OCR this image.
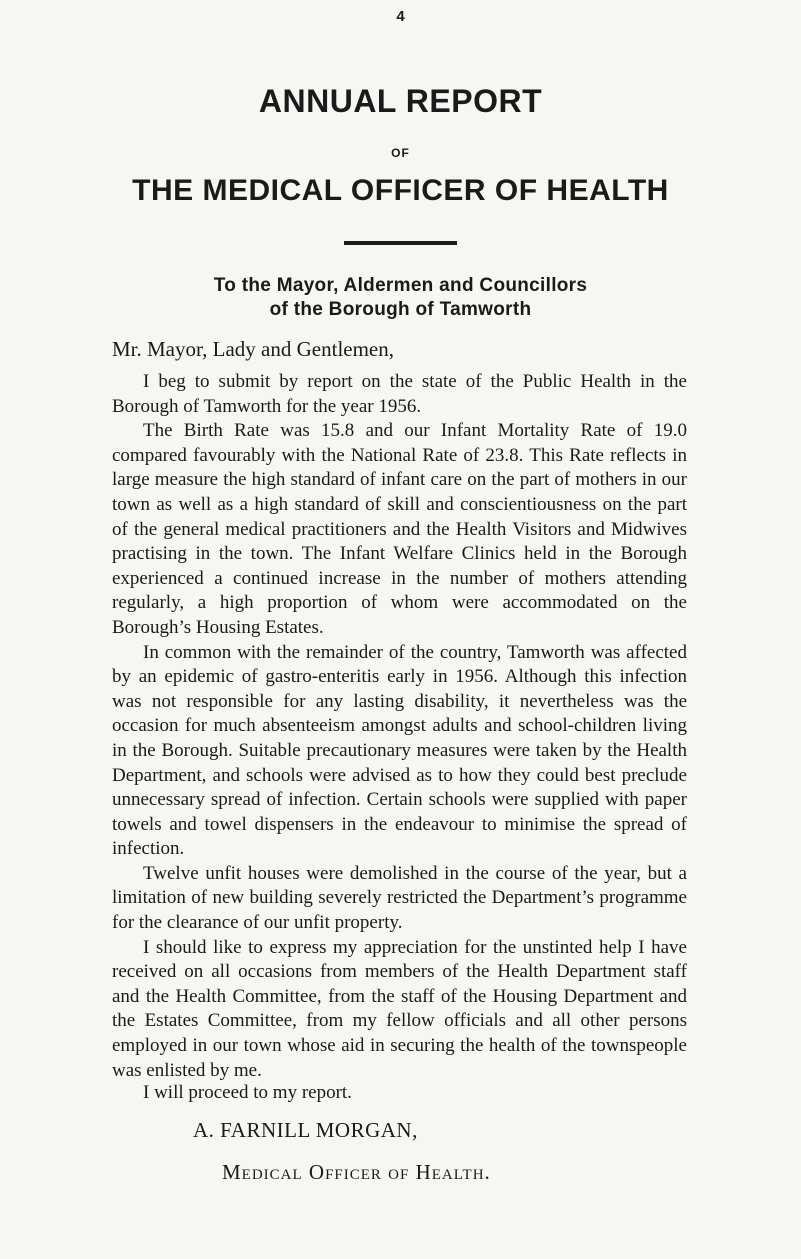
4
ANNUAL REPORT
OF
THE MEDICAL OFFICER OF HEALTH
To the Mayor, Aldermen and Councillors
of the Borough of Tamworth
Mr. Mayor, Lady and Gentlemen,

I beg to submit by report on the state of the Public Health in the Borough of Tamworth for the year 1956.

The Birth Rate was 15.8 and our Infant Mortality Rate of 19.0 compared favourably with the National Rate of 23.8. This Rate reflects in large measure the high standard of infant care on the part of mothers in our town as well as a high standard of skill and conscientiousness on the part of the general medical practitioners and the Health Visitors and Midwives practising in the town. The Infant Welfare Clinics held in the Borough experienced a continued increase in the number of mothers attending regularly, a high proportion of whom were accommodated on the Borough’s Housing Estates.

In common with the remainder of the country, Tamworth was affected by an epidemic of gastro-enteritis early in 1956. Although this infection was not responsible for any lasting disability, it nevertheless was the occasion for much absenteeism amongst adults and school-children living in the Borough. Suitable precautionary measures were taken by the Health Department, and schools were advised as to how they could best preclude unnecessary spread of infection. Certain schools were supplied with paper towels and towel dispensers in the endeavour to minimise the spread of infection.

Twelve unfit houses were demolished in the course of the year, but a limitation of new building severely restricted the Department’s programme for the clearance of our unfit property.

I should like to express my appreciation for the unstinted help I have received on all occasions from members of the Health Department staff and the Health Committee, from the staff of the Housing Department and the Estates Committee, from my fellow officials and all other persons employed in our town whose aid in securing the health of the townspeople was enlisted by me.

I will proceed to my report.
A. FARNILL MORGAN,
Medical Officer of Health.
